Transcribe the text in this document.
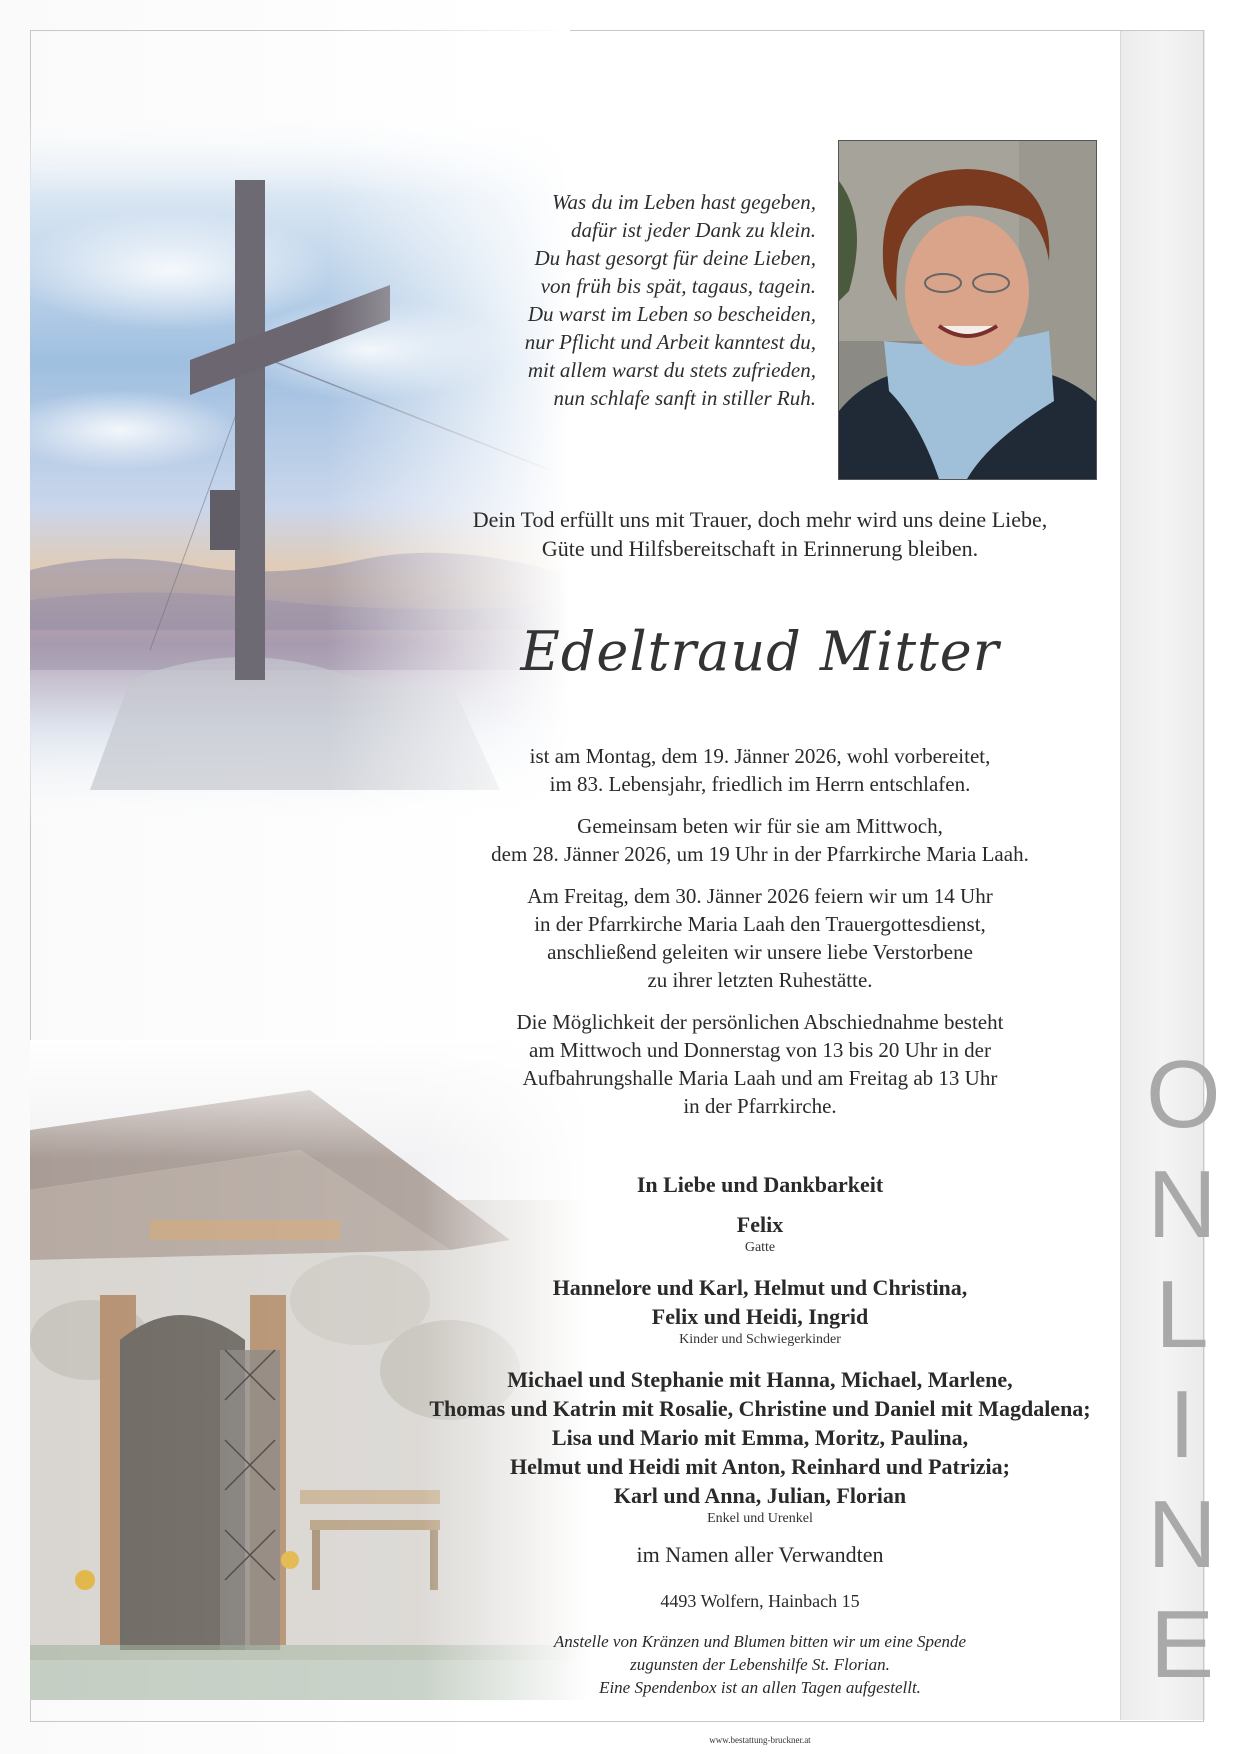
Was du im Leben hast gegeben,
dafür ist jeder Dank zu klein.
Du hast gesorgt für deine Lieben,
von früh bis spät, tagaus, tagein.
Du warst im Leben so bescheiden,
nur Pflicht und Arbeit kanntest du,
mit allem warst du stets zufrieden,
nun schlafe sanft in stiller Ruh.
Dein Tod erfüllt uns mit Trauer, doch mehr wird uns deine Liebe,
Güte und Hilfsbereitschaft in Erinnerung bleiben.
Edeltraud Mitter

ist am Montag, dem 19. Jänner 2026, wohl vorbereitet,
im 83. Lebensjahr, friedlich im Herrn entschlafen.

Gemeinsam beten wir für sie am Mittwoch,
dem 28. Jänner 2026, um 19 Uhr in der Pfarrkirche Maria Laah.

Am Freitag, dem 30. Jänner 2026 feiern wir um 14 Uhr
in der Pfarrkirche Maria Laah den Trauergottesdienst,
anschließend geleiten wir unsere liebe Verstorbene
zu ihrer letzten Ruhestätte.

Die Möglichkeit der persönlichen Abschiednahme besteht
am Mittwoch und Donnerstag von 13 bis 20 Uhr in der
Aufbahrungshalle Maria Laah und am Freitag ab 13 Uhr
in der Pfarrkirche.

In Liebe und Dankbarkeit
Felix
Gatte
Hannelore und Karl, Helmut und Christina,
Felix und Heidi, Ingrid
Kinder und Schwiegerkinder
Michael und Stephanie mit Hanna, Michael, Marlene,
Thomas und Katrin mit Rosalie, Christine und Daniel mit Magdalena;
Lisa und Mario mit Emma, Moritz, Paulina,
Helmut und Heidi mit Anton, Reinhard und Patrizia;
Karl und Anna, Julian, Florian
Enkel und Urenkel
im Namen aller Verwandten
4493 Wolfern, Hainbach 15
Anstelle von Kränzen und Blumen bitten wir um eine Spende
zugunsten der Lebenshilfe St. Florian.
Eine Spendenbox ist an allen Tagen aufgestellt.
O
N
L
I
N
E
www.bestattung-bruckner.at
